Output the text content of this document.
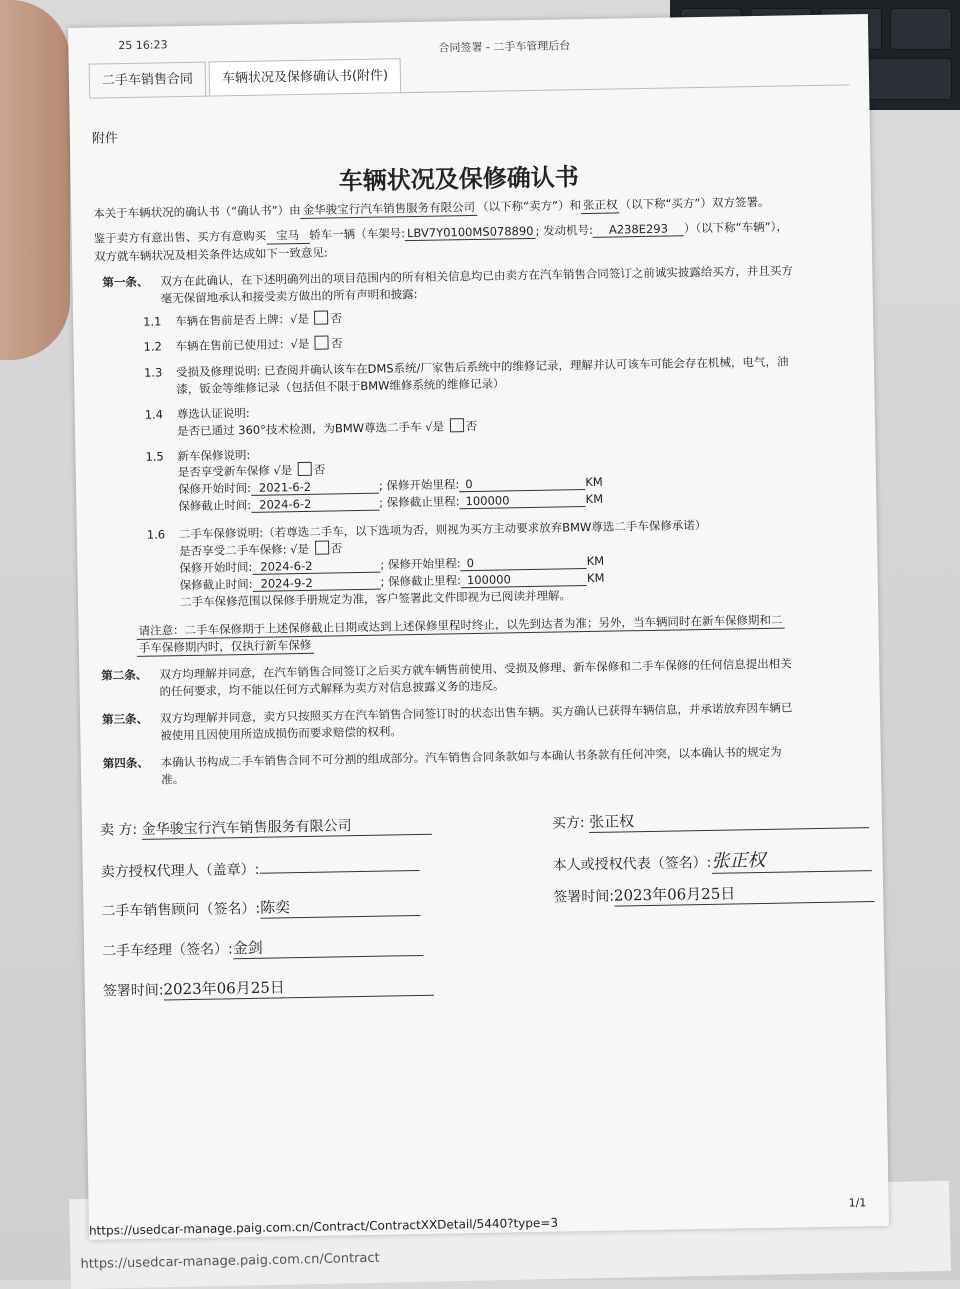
https://usedcar-manage.paig.com.cn/Contract
25 16:23	合同签署 - 二手车管理后台
二手车销售合同	车辆状况及保修确认书(附件)
附件
车辆状况及保修确认书
本关于车辆状况的确认书（“确认书”）由 金华骏宝行汽车销售服务有限公司 （以下称“卖方”）和 张正权 （以下称“买方”）双方签署。
鉴于卖方有意出售、买方有意购买 宝马 轿车一辆（车架号: LBV7Y0100MS078890 ; 发动机号: A238E293 ）（以下称“车辆”），
双方就车辆状况及相关条件达成如下一致意见:
第一条、 双方在此确认，在下述明确列出的项目范围内的所有相关信息均已由卖方在汽车销售合同签订之前诚实披露给买方，并且买方
毫无保留地承认和接受卖方做出的所有声明和披露:
1.1 车辆在售前是否上牌：√是 否
1.2 车辆在售前已使用过：√是 否
1.3 受损及修理说明: 已查阅并确认该车在DMS系统/厂家售后系统中的维修记录，理解并认可该车可能会存在机械，电气，油
漆，钣金等维修记录（包括但不限于BMW维修系统的维修记录）
1.4 尊选认证说明:
是否已通过 360°技术检测，为BMW尊选二手车 √是 否
1.5 新车保修说明:
是否享受新车保修 √是 否
保修开始时间: 2021-6-2	; 保修开始里程: 0	KM
保修截止时间: 2024-6-2	; 保修截止里程: 100000	KM
1.6 二手车保修说明:（若尊选二手车，以下选项为否，则视为买方主动要求放弃BMW尊选二手车保修承诺）
是否享受二手车保修: √是 否
保修开始时间: 2024-6-2	; 保修开始里程: 0	KM
保修截止时间: 2024-9-2	; 保修截止里程: 100000	KM
二手车保修范围以保修手册规定为准，客户签署此文件即视为已阅读并理解。
请注意：二手车保修期于上述保修截止日期或达到上述保修里程时终止，以先到达者为准；另外，当车辆同时在新车保修期和二
手车保修期内时，仅执行新车保修
第二条、 双方均理解并同意，在汽车销售合同签订之后买方就车辆售前使用、受损及修理、新车保修和二手车保修的任何信息提出相关
的任何要求，均不能以任何方式解释为卖方对信息披露义务的违反。
第三条、 双方均理解并同意，卖方只按照买方在汽车销售合同签订时的状态出售车辆。买方确认已获得车辆信息，并承诺放弃因车辆已
被使用且因使用所造成损伤而要求赔偿的权利。
第四条、 本确认书构成二手车销售合同不可分割的组成部分。汽车销售合同条款如与本确认书条款有任何冲突，以本确认书的规定为
准。
卖 方: 金华骏宝行汽车销售服务有限公司
卖方授权代理人（盖章）:
二手车销售顾问（签名）:陈奕
二手车经理（签名）:金剑
签署时间:2023年06月25日
买方: 张正权
本人或授权代表（签名）:张正权
签署时间:2023年06月25日
1/1
https://usedcar-manage.paig.com.cn/Contract/ContractXXDetail/5440?type=3
